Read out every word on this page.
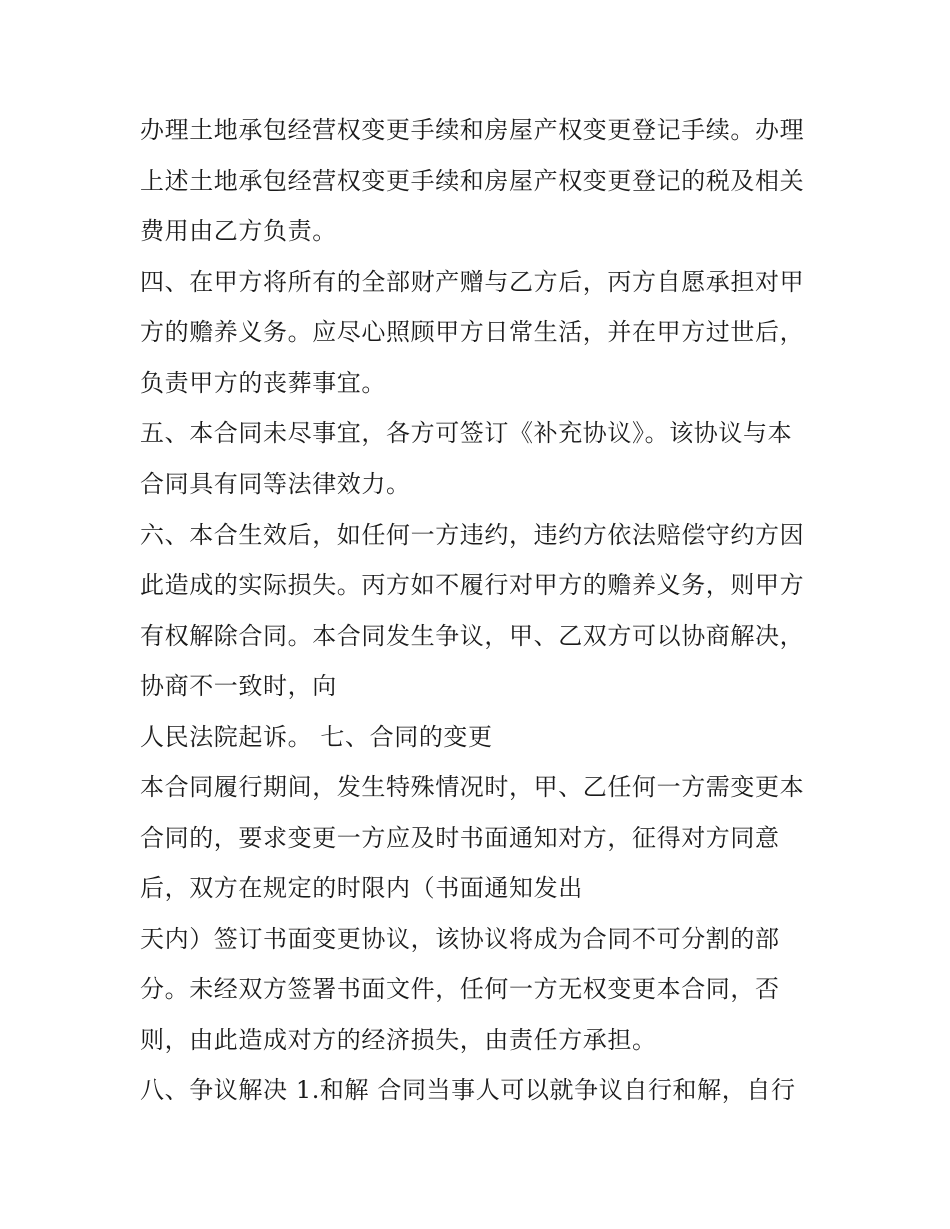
办理土地承包经营权变更手续和房屋产权变更登记手续。办理
上述土地承包经营权变更手续和房屋产权变更登记的税及相关
费用由乙方负责。
四、在甲方将所有的全部财产赠与乙方后，丙方自愿承担对甲
方的赡养义务。应尽心照顾甲方日常生活，并在甲方过世后，
负责甲方的丧葬事宜。
五、本合同未尽事宜，各方可签订《补充协议》。该协议与本
合同具有同等法律效力。
六、本合生效后，如任何一方违约，违约方依法赔偿守约方因
此造成的实际损失。丙方如不履行对甲方的赡养义务，则甲方
有权解除合同。本合同发生争议，甲、乙双方可以协商解决，
协商不一致时，向
人民法院起诉。 七、合同的变更
本合同履行期间，发生特殊情况时，甲、乙任何一方需变更本
合同的，要求变更一方应及时书面通知对方，征得对方同意
后，双方在规定的时限内（书面通知发出
天内）签订书面变更协议，该协议将成为合同不可分割的部
分。未经双方签署书面文件，任何一方无权变更本合同，否
则，由此造成对方的经济损失，由责任方承担。
八、争议解决 1.和解 合同当事人可以就争议自行和解，自行
